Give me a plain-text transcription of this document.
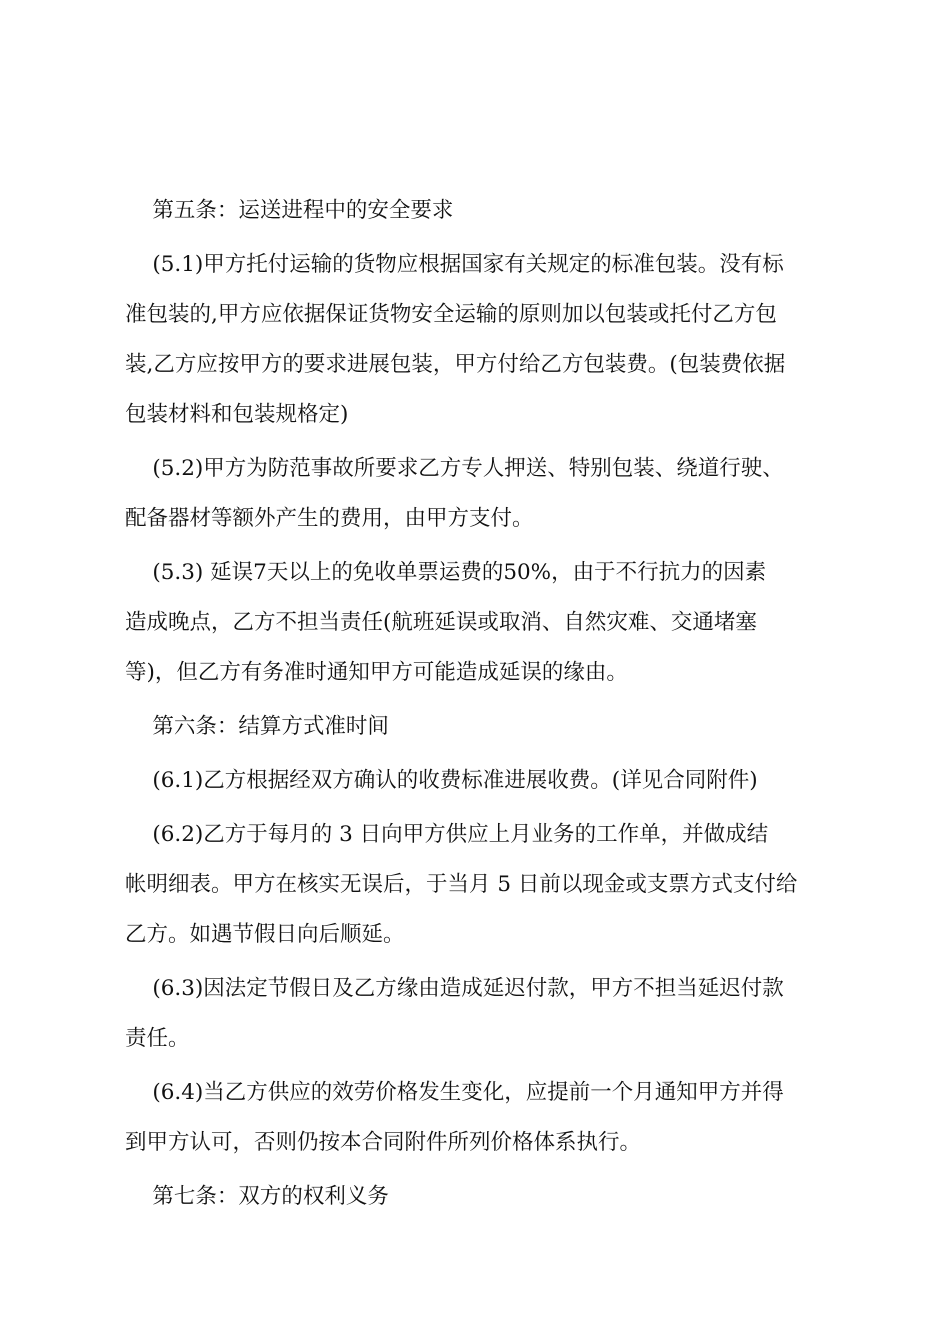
第五条：运送进程中的安全要求
(5.1)甲方托付运输的货物应根据国家有关规定的标准包装。没有标
准包装的,甲方应依据保证货物安全运输的原则加以包装或托付乙方包
装,乙方应按甲方的要求进展包装，甲方付给乙方包装费。(包装费依据
包装材料和包装规格定)
(5.2)甲方为防范事故所要求乙方专人押送、特别包装、绕道行驶、
配备器材等额外产生的费用，由甲方支付。
(5.3) 延误7天以上的免收单票运费的50%，由于不行抗力的因素
造成晚点，乙方不担当责任(航班延误或取消、自然灾难、交通堵塞
等)，但乙方有务准时通知甲方可能造成延误的缘由。
第六条：结算方式准时间
(6.1)乙方根据经双方确认的收费标准进展收费。(详见合同附件)
(6.2)乙方于每月的 3 日向甲方供应上月业务的工作单，并做成结
帐明细表。甲方在核实无误后，于当月 5 日前以现金或支票方式支付给
乙方。如遇节假日向后顺延。
(6.3)因法定节假日及乙方缘由造成延迟付款，甲方不担当延迟付款
责任。
(6.4)当乙方供应的效劳价格发生变化，应提前一个月通知甲方并得
到甲方认可，否则仍按本合同附件所列价格体系执行。
第七条：双方的权利义务
